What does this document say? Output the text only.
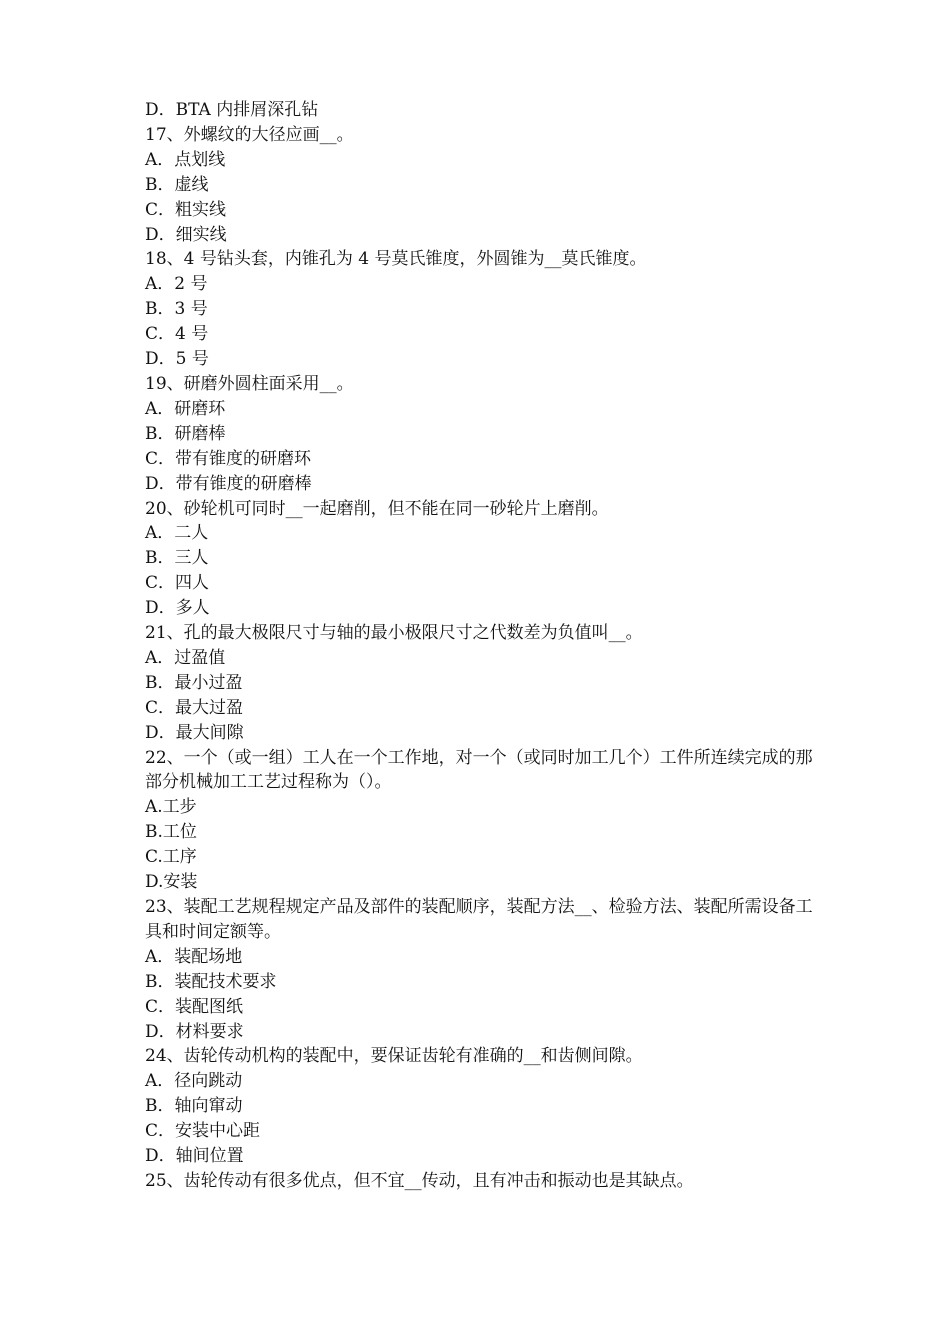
D．BTA 内排屑深孔钻

17、外螺纹的大径应画__。

A．点划线

B．虚线

C．粗实线

D．细实线

18、4 号钻头套，内锥孔为 4 号莫氏锥度，外圆锥为__莫氏锥度。

A．2 号

B．3 号

C．4 号

D．5 号

19、研磨外圆柱面采用__。

A．研磨环

B．研磨棒

C．带有锥度的研磨环

D．带有锥度的研磨棒

20、砂轮机可同时__一起磨削，但不能在同一砂轮片上磨削。

A．二人

B．三人

C．四人

D．多人

21、孔的最大极限尺寸与轴的最小极限尺寸之代数差为负值叫__。

A．过盈值

B．最小过盈

C．最大过盈

D．最大间隙

22、一个（或一组）工人在一个工作地，对一个（或同时加工几个）工件所连续完成的那部分机械加工工艺过程称为（）。

A.工步

B.工位

C.工序

D.安装

23、装配工艺规程规定产品及部件的装配顺序，装配方法__、检验方法、装配所需设备工具和时间定额等。

A．装配场地

B．装配技术要求

C．装配图纸

D．材料要求

24、齿轮传动机构的装配中，要保证齿轮有准确的__和齿侧间隙。

A．径向跳动

B．轴向窜动

C．安装中心距

D．轴间位置

25、齿轮传动有很多优点，但不宜__传动，且有冲击和振动也是其缺点。
